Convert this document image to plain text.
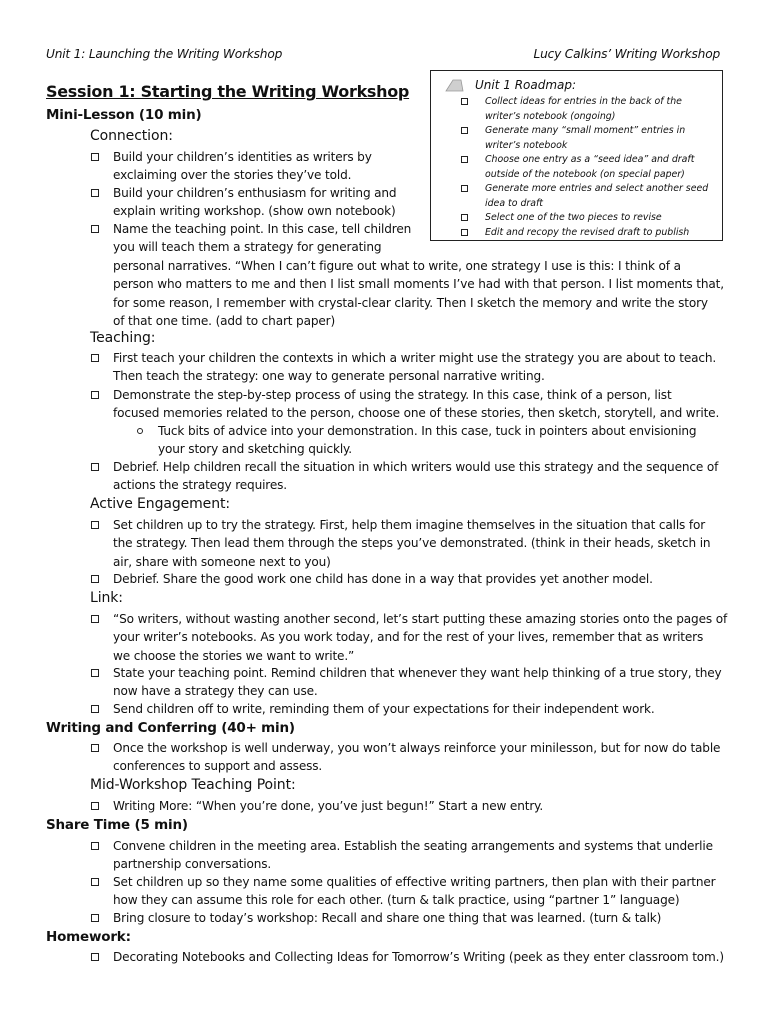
Unit 1: Launching the Writing Workshop	Lucy Calkins’ Writing Workshop
Session 1: Starting the Writing Workshop	Unit 1 Roadmap:
Collect ideas for entries in the back of the writer’s notebook (ongoing)
Generate many “small moment” entries in writer’s notebook
Choose one entry as a “seed idea” and draft outside of the notebook (on special paper)
Generate more entries and select another seed idea to draft
Select one of the two pieces to revise
Edit and recopy the revised draft to publish
Mini-Lesson (10 min)
Connection:
Build your children’s identities as writers by
exclaiming over the stories they’ve told.
Build your children’s enthusiasm for writing and
explain writing workshop. (show own notebook)
Name the teaching point. In this case, tell children
you will teach them a strategy for generating
personal narratives. “When I can’t figure out what to write, one strategy I use is this: I think of a
person who matters to me and then I list small moments I’ve had with that person. I list moments that,
for some reason, I remember with crystal-clear clarity. Then I sketch the memory and write the story
of that one time. (add to chart paper)
Teaching:
First teach your children the contexts in which a writer might use the strategy you are about to teach.
Then teach the strategy: one way to generate personal narrative writing.
Demonstrate the step-by-step process of using the strategy. In this case, think of a person, list
focused memories related to the person, choose one of these stories, then sketch, storytell, and write.
Tuck bits of advice into your demonstration. In this case, tuck in pointers about envisioning
your story and sketching quickly.
Debrief. Help children recall the situation in which writers would use this strategy and the sequence of
actions the strategy requires.
Active Engagement:
Set children up to try the strategy. First, help them imagine themselves in the situation that calls for
the strategy. Then lead them through the steps you’ve demonstrated. (think in their heads, sketch in
air, share with someone next to you)
Debrief. Share the good work one child has done in a way that provides yet another model.
Link:
“So writers, without wasting another second, let’s start putting these amazing stories onto the pages of
your writer’s notebooks. As you work today, and for the rest of your lives, remember that as writers
we choose the stories we want to write.”
State your teaching point. Remind children that whenever they want help thinking of a true story, they
now have a strategy they can use.
Send children off to write, reminding them of your expectations for their independent work.
Writing and Conferring (40+ min)
Once the workshop is well underway, you won’t always reinforce your minilesson, but for now do table
conferences to support and assess.
Mid-Workshop Teaching Point:
Writing More: “When you’re done, you’ve just begun!” Start a new entry.
Share Time (5 min)
Convene children in the meeting area. Establish the seating arrangements and systems that underlie
partnership conversations.
Set children up so they name some qualities of effective writing partners, then plan with their partner
how they can assume this role for each other. (turn & talk practice, using “partner 1” language)
Bring closure to today’s workshop: Recall and share one thing that was learned. (turn & talk)
Homework:
Decorating Notebooks and Collecting Ideas for Tomorrow’s Writing (peek as they enter classroom tom.)
